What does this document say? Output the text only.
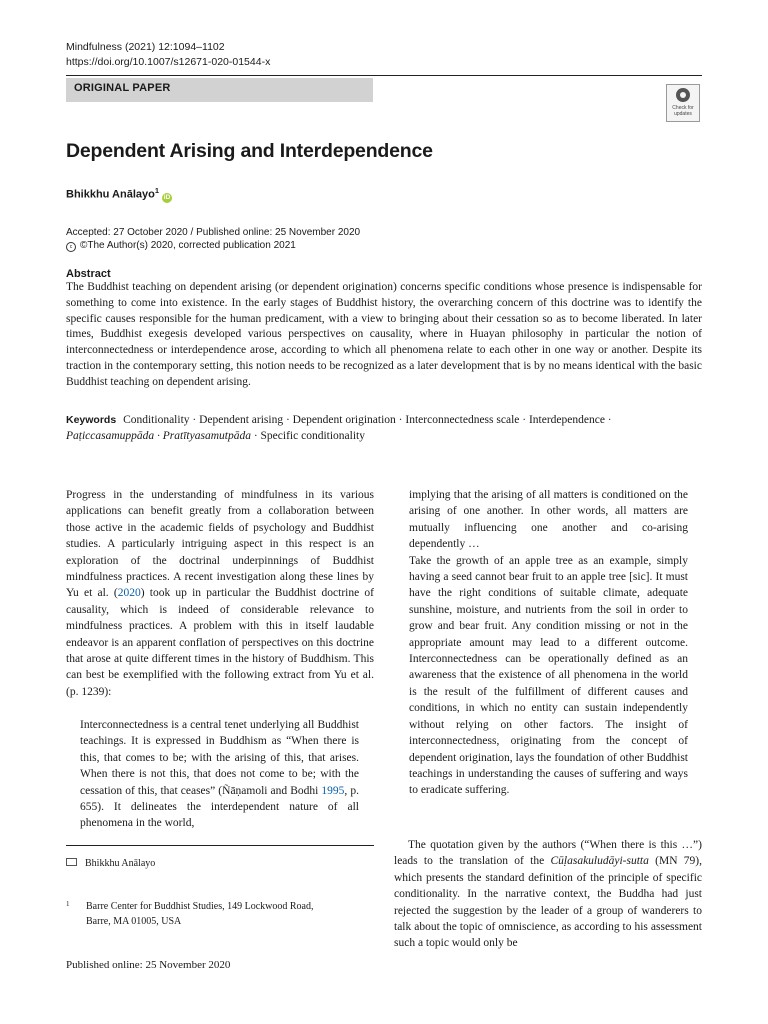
Mindfulness (2021) 12:1094–1102
https://doi.org/10.1007/s12671-020-01544-x
ORIGINAL PAPER
Check for updates
Dependent Arising and Interdependence
Bhikkhu Anālayo$^1$iD
Accepted: 27 October 2020 / Published online: 25 November 2020
c ©The Author(s) 2020, corrected publication 2021
Abstract
The Buddhist teaching on dependent arising (or dependent origination) concerns specific conditions whose presence is indispensable for something to come into existence. In the early stages of Buddhist history, the overarching concern of this doctrine was to identify the specific causes responsible for the human predicament, with a view to bringing about their cessation so as to become liberated. In later times, Buddhist exegesis developed various perspectives on causality, where in Huayan philosophy in particular the notion of interconnectedness or interdependence arose, according to which all phenomena relate to each other in one way or another. Despite its traction in the contemporary setting, this notion needs to be recognized as a later development that is by no means identical with the basic Buddhist teaching on dependent arising.
Keywords Conditionality · Dependent arising · Dependent origination · Interconnectedness scale · Interdependence · Paṭiccasamuppāda · Pratītyasamutpāda · Specific conditionality

Progress in the understanding of mindfulness in its various applications can benefit greatly from a collaboration between those active in the academic fields of psychology and Buddhist studies. A particularly intriguing aspect in this respect is an exploration of the doctrinal underpinnings of Buddhist mindfulness practices. A recent investigation along these lines by Yu et al. (2020) took up in particular the Buddhist doctrine of causality, which is indeed of considerable relevance to mindfulness practices. A problem with this in itself laudable endeavor is an apparent conflation of perspectives on this doctrine that arose at quite different times in the history of Buddhism. This can best be exemplified with the following extract from Yu et al. (p. 1239):

Interconnectedness is a central tenet underlying all Buddhist teachings. It is expressed in Buddhism as “When there is this, that comes to be; with the arising of this, that arises. When there is not this, that does not come to be; with the cessation of this, that ceases” (Ñāṇamoli and Bodhi 1995, p. 655). It delineates the interdependent nature of all phenomena in the world,

implying that the arising of all matters is conditioned on the arising of one another. In other words, all matters are mutually influencing one another and co-arising dependently …

Take the growth of an apple tree as an example, simply having a seed cannot bear fruit to an apple tree [sic]. It must have the right conditions of suitable climate, adequate sunshine, moisture, and nutrients from the soil in order to grow and bear fruit. Any condition missing or not in the appropriate amount may lead to a different outcome. Interconnectedness can be operationally defined as an awareness that the existence of all phenomena in the world is the result of the fulfillment of different causes and conditions, in which no entity can sustain independently without relying on other factors. The insight of interconnectedness, originating from the concept of dependent origination, lays the foundation of other Buddhist teachings in understanding the causes of suffering and ways to eradicate suffering.

The quotation given by the authors (“When there is this …”) leads to the translation of the Cūḷasakuludāyi-sutta (MN 79), which presents the standard definition of the principle of specific conditionality. In the narrative context, the Buddha had just rejected the suggestion by the leader of a group of wanderers to talk about the topic of omniscience, as according to his assessment such a topic would only be

Bhikkhu Anālayo
1 Barre Center for Buddhist Studies, 149 Lockwood Road,
Barre, MA 01005, USA
Published online: 25 November 2020
